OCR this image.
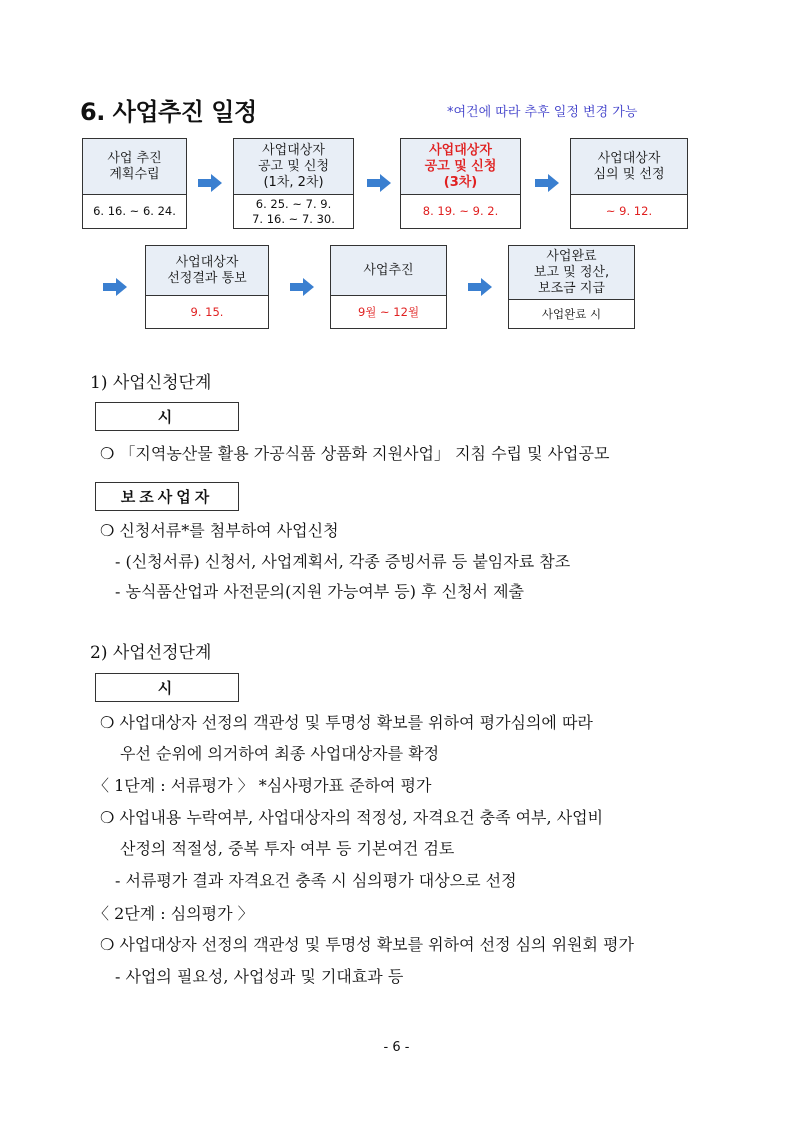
6. 사업추진 일정	*여건에 따라 추후 일정 변경 가능
사업 추진
계획수립
6. 16. ~ 6. 24.
사업대상자
공고 및 신청
(1차, 2차)
6. 25. ~ 7. 9.
7. 16. ~ 7. 30.
사업대상자
공고 및 신청
(3차)
8. 19. ~ 9. 2.
사업대상자
심의 및 선정
~ 9. 12.
사업대상자
선정결과 통보
9. 15.
사업추진
9월 ~ 12월
사업완료
보고 및 정산,
보조금 지급
사업완료 시
1) 사업신청단계
시
❍ 「지역농산물 활용 가공식품 상품화 지원사업」 지침 수립 및 사업공모
보조사업자
❍ 신청서류*를 첨부하여 사업신청
- (신청서류) 신청서, 사업계획서, 각종 증빙서류 등 붙임자료 참조
- 농식품산업과 사전문의(지원 가능여부 등) 후 신청서 제출
2) 사업선정단계
시
❍ 사업대상자 선정의 객관성 및 투명성 확보를 위하여 평가심의에 따라
우선 순위에 의거하여 최종 사업대상자를 확정
〈 1단계 : 서류평가 〉 *심사평가표 준하여 평가
❍ 사업내용 누락여부, 사업대상자의 적정성, 자격요건 충족 여부, 사업비
산정의 적절성, 중복 투자 여부 등 기본여건 검토
- 서류평가 결과 자격요건 충족 시 심의평가 대상으로 선정
〈 2단계 : 심의평가 〉
❍ 사업대상자 선정의 객관성 및 투명성 확보를 위하여 선정 심의 위원회 평가
- 사업의 필요성, 사업성과 및 기대효과 등
- 6 -
